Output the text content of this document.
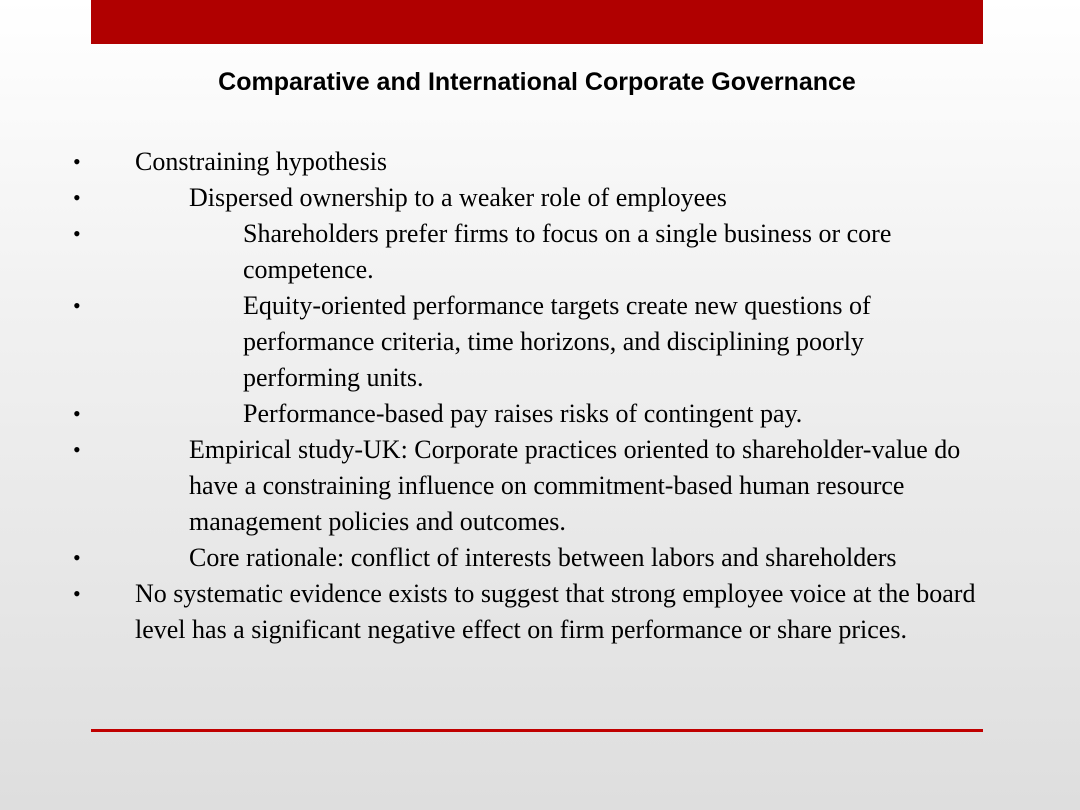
Comparative and International Corporate Governance
• Constraining hypothesis
•	Dispersed ownership to a weaker role of employees
•	Shareholders prefer firms to focus on a single business or core competence.
•	Equity-oriented performance targets create new questions of performance criteria, time horizons, and disciplining poorly performing units.
•	Performance-based pay raises risks of contingent pay.
•	Empirical study-UK: Corporate practices oriented to shareholder-value do have a constraining influence on commitment-based human resource management policies and outcomes.
•	Core rationale: conflict of interests between labors and shareholders
• No systematic evidence exists to suggest that strong employee voice at the board level has a significant negative effect on firm performance or share prices.
